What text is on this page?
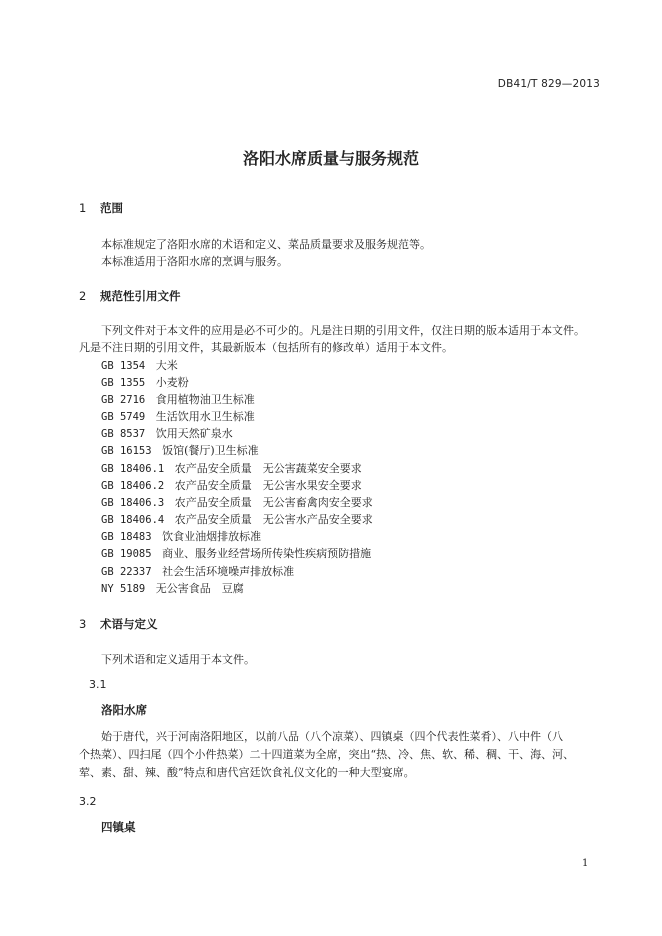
DB41/T 829—2013
洛阳水席质量与服务规范
1 范围
本标准规定了洛阳水席的术语和定义、菜品质量要求及服务规范等。
本标准适用于洛阳水席的烹调与服务。
2 规范性引用文件
下列文件对于本文件的应用是必不可少的。凡是注日期的引用文件，仅注日期的版本适用于本文件。
凡是不注日期的引用文件，其最新版本（包括所有的修改单）适用于本文件。
GB 1354 大米
GB 1355 小麦粉
GB 2716 食用植物油卫生标准
GB 5749 生活饮用水卫生标准
GB 8537 饮用天然矿泉水
GB 16153 饭馆(餐厅)卫生标准
GB 18406.1 农产品安全质量　无公害蔬菜安全要求
GB 18406.2 农产品安全质量　无公害水果安全要求
GB 18406.3 农产品安全质量　无公害畜禽肉安全要求
GB 18406.4 农产品安全质量　无公害水产品安全要求
GB 18483 饮食业油烟排放标准
GB 19085 商业、服务业经营场所传染性疾病预防措施
GB 22337 社会生活环境噪声排放标准
NY 5189 无公害食品　豆腐
3 术语与定义
下列术语和定义适用于本文件。
3.1
洛阳水席
始于唐代，兴于河南洛阳地区，以前八品（八个凉菜）、四镇桌（四个代表性菜肴）、八中件（八
个热菜）、四扫尾（四个小件热菜）二十四道菜为全席，突出“热、冷、焦、软、稀、稠、干、海、河、
荤、素、甜、辣、酸”特点和唐代宫廷饮食礼仪文化的一种大型宴席。
3.2
四镇桌
1
